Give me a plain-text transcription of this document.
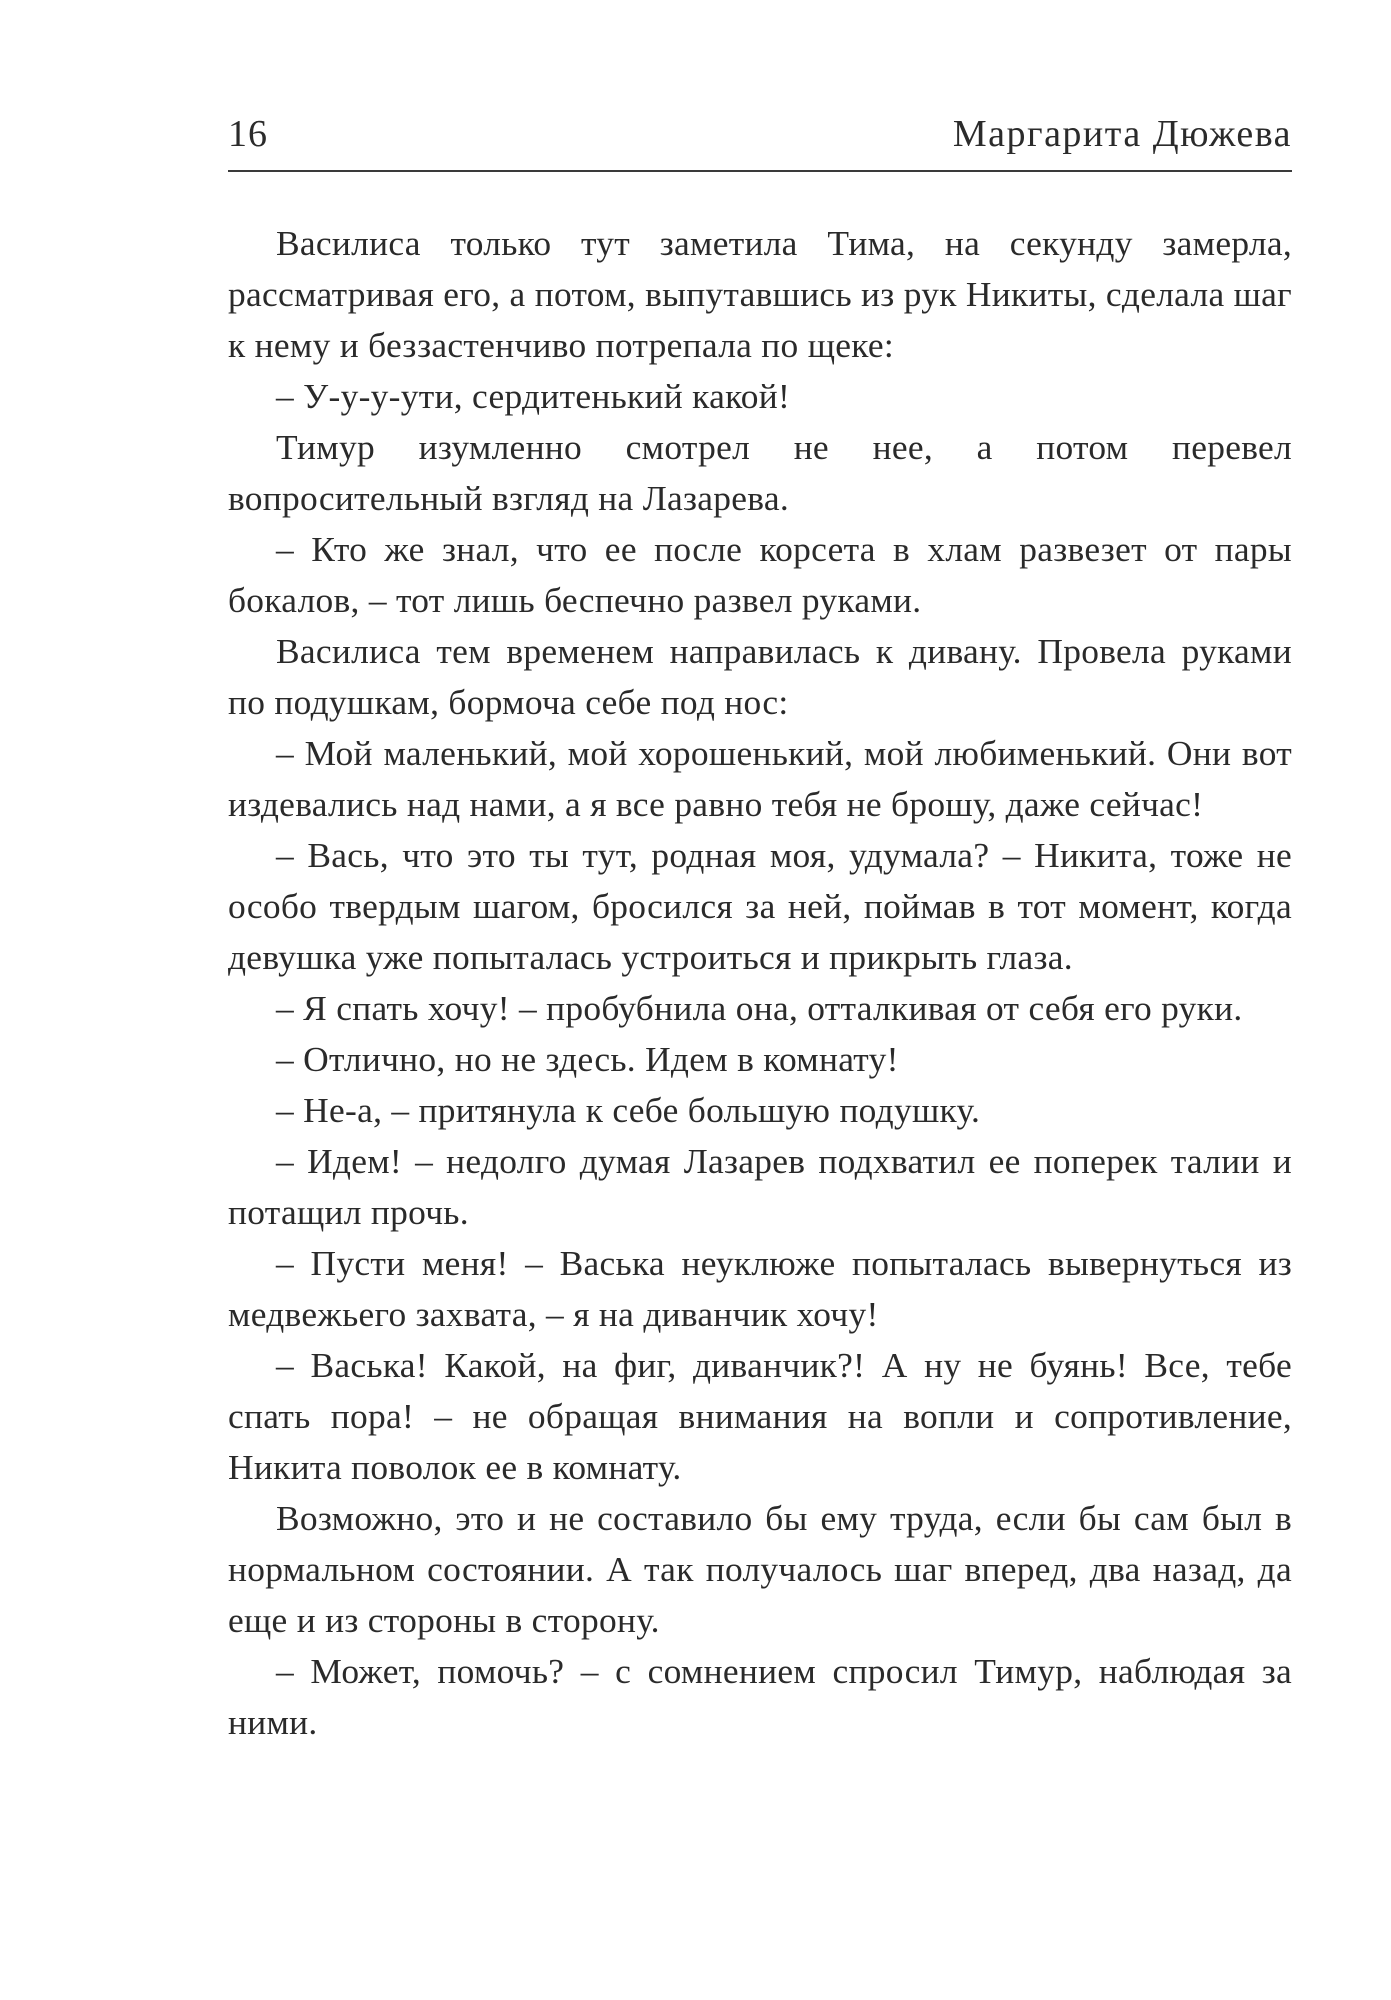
16	Маргарита Дюжева

Василиса только тут заметила Тима, на секунду замерла, рассматривая его, а потом, выпутавшись из рук Никиты, сделала шаг к нему и беззастенчиво потрепала по щеке:

– У-у-у-ути, сердитенький какой!

Тимур изумленно смотрел не нее, а потом перевел вопросительный взгляд на Лазарева.

– Кто же знал, что ее после корсета в хлам развезет от пары бокалов, – тот лишь беспечно развел руками.

Василиса тем временем направилась к дивану. Провела руками по подушкам, бормоча себе под нос:

– Мой маленький, мой хорошенький, мой любименький. Они вот издевались над нами, а я все равно тебя не брошу, даже сейчас!

– Вась, что это ты тут, родная моя, удумала? – Никита, тоже не особо твердым шагом, бросился за ней, поймав в тот момент, когда девушка уже попыталась устроиться и прикрыть глаза.

– Я спать хочу! – пробубнила она, отталкивая от себя его руки.

– Отлично, но не здесь. Идем в комнату!

– Не-а, – притянула к себе большую подушку.

– Идем! – недолго думая Лазарев подхватил ее поперек талии и потащил прочь.

– Пусти меня! – Васька неуклюже попыталась вывернуться из медвежьего захвата, – я на диванчик хочу!

– Васька! Какой, на фиг, диванчик?! А ну не буянь! Все, тебе спать пора! – не обращая внимания на вопли и сопротивление, Никита поволок ее в комнату.

Возможно, это и не составило бы ему труда, если бы сам был в нормальном состоянии. А так получалось шаг вперед, два назад, да еще и из стороны в сторону.

– Может, помочь? – с сомнением спросил Тимур, наблюдая за ними.
